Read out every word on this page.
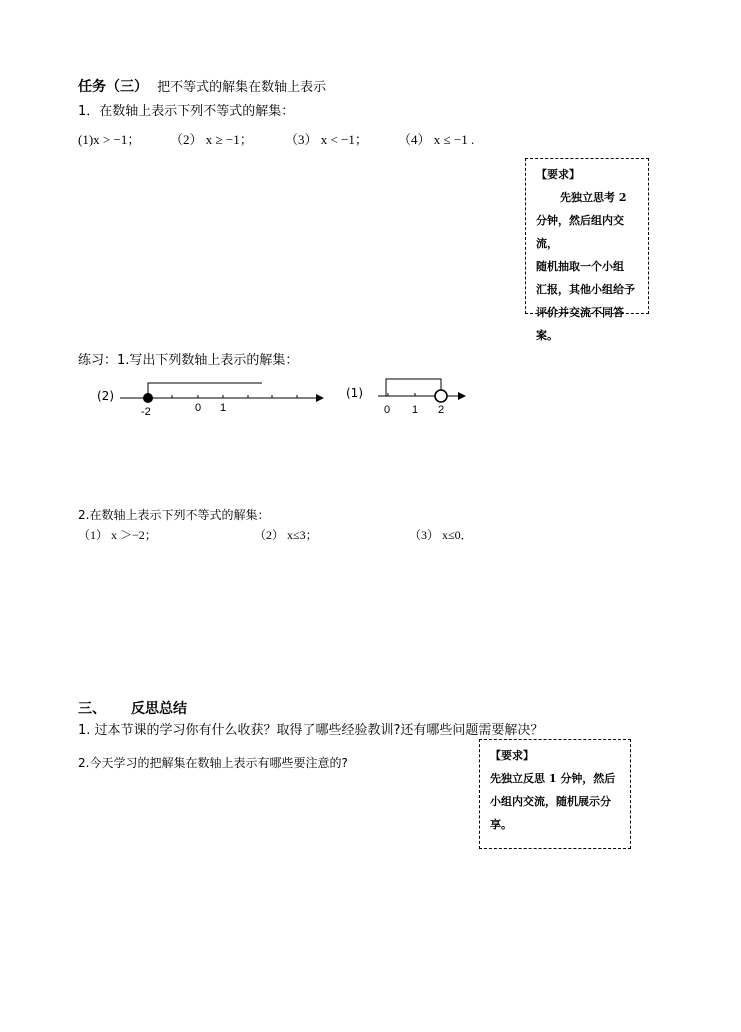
任务（三） 把不等式的解集在数轴上表示
1．在数轴上表示下列不等式的解集：
(1)x > −1； （2） x ≥ −1； （3） x < −1； （4） x ≤ −1 .

【要求】

先独立思考 2

分钟，然后组内交流，

随机抽取一个小组

汇报，其他小组给予

评价并交流不同答

案。

练习：1.写出下列数轴上表示的解集：
(2)
-2	0 1
(1)
0 1 2
2.在数轴上表示下列不等式的解集：
（1） x ＞−2；	（2） x≤3；	（3） x≤0．
三、 反思总结
1. 过本节课的学习你有什么收获？取得了哪些经验教训?还有哪些问题需要解决？
2.今天学习的把解集在数轴上表示有哪些要注意的?

【要求】

先独立反思 1 分钟，然后

小组内交流，随机展示分

享。
